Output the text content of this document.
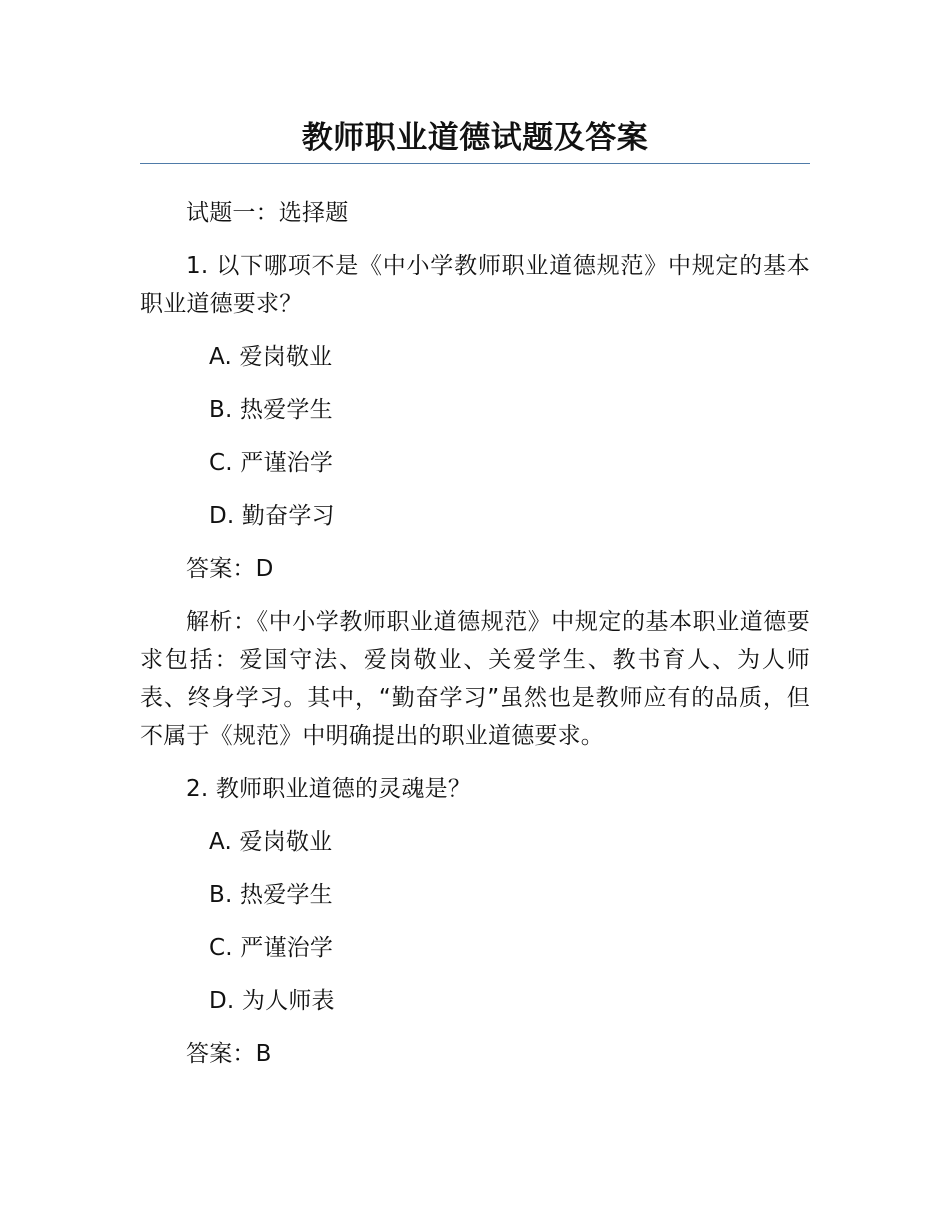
教师职业道德试题及答案

试题一：选择题

1. 以下哪项不是《中小学教师职业道德规范》中规定的基本职业道德要求？

A. 爱岗敬业

B. 热爱学生

C. 严谨治学

D. 勤奋学习

答案：D

解析：《中小学教师职业道德规范》中规定的基本职业道德要求包括：爱国守法、爱岗敬业、关爱学生、教书育人、为人师表、终身学习。其中，“勤奋学习”虽然也是教师应有的品质，但不属于《规范》中明确提出的职业道德要求。

2. 教师职业道德的灵魂是？

A. 爱岗敬业

B. 热爱学生

C. 严谨治学

D. 为人师表

答案：B
